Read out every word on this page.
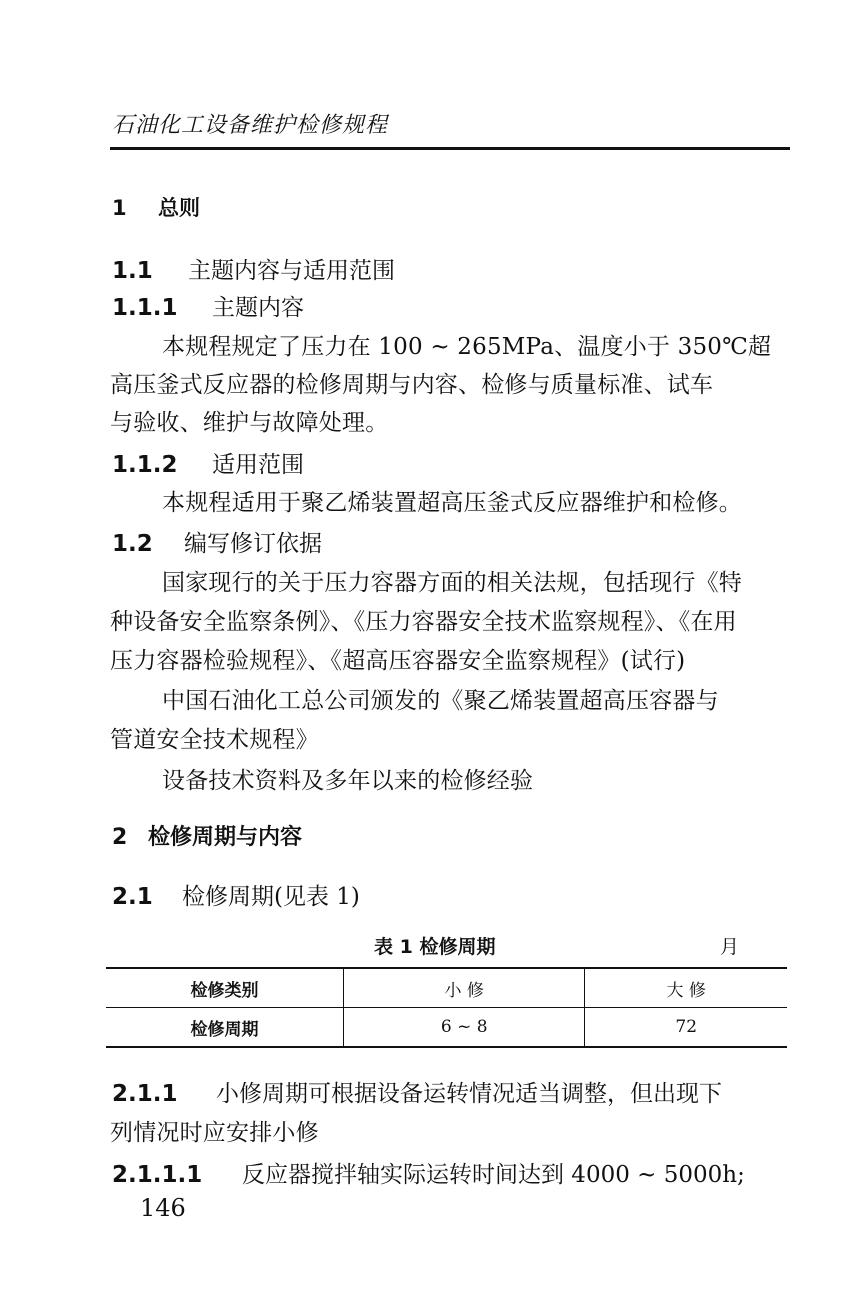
石油化工设备维护检修规程
1 总则
1.1 主题内容与适用范围
1.1.1 主题内容
本规程规定了压力在 100 ~ 265MPa、温度小于 350℃超
高压釜式反应器的检修周期与内容、检修与质量标准、试车
与验收、维护与故障处理。
1.1.2 适用范围
本规程适用于聚乙烯装置超高压釜式反应器维护和检修。
1.2 编写修订依据
国家现行的关于压力容器方面的相关法规，包括现行《特
种设备安全监察条例》、《压力容器安全技术监察规程》、《在用
压力容器检验规程》、《超高压容器安全监察规程》(试行)
中国石油化工总公司颁发的《聚乙烯装置超高压容器与
管道安全技术规程》
设备技术资料及多年以来的检修经验
2 检修周期与内容
2.1 检修周期(见表 1)
表 1 检修周期	月
检修类别	小 修	大 修
检修周期	6 ~ 8	72
2.1.1 小修周期可根据设备运转情况适当调整，但出现下
列情况时应安排小修
2.1.1.1 反应器搅拌轴实际运转时间达到 4000 ~ 5000h;
146
